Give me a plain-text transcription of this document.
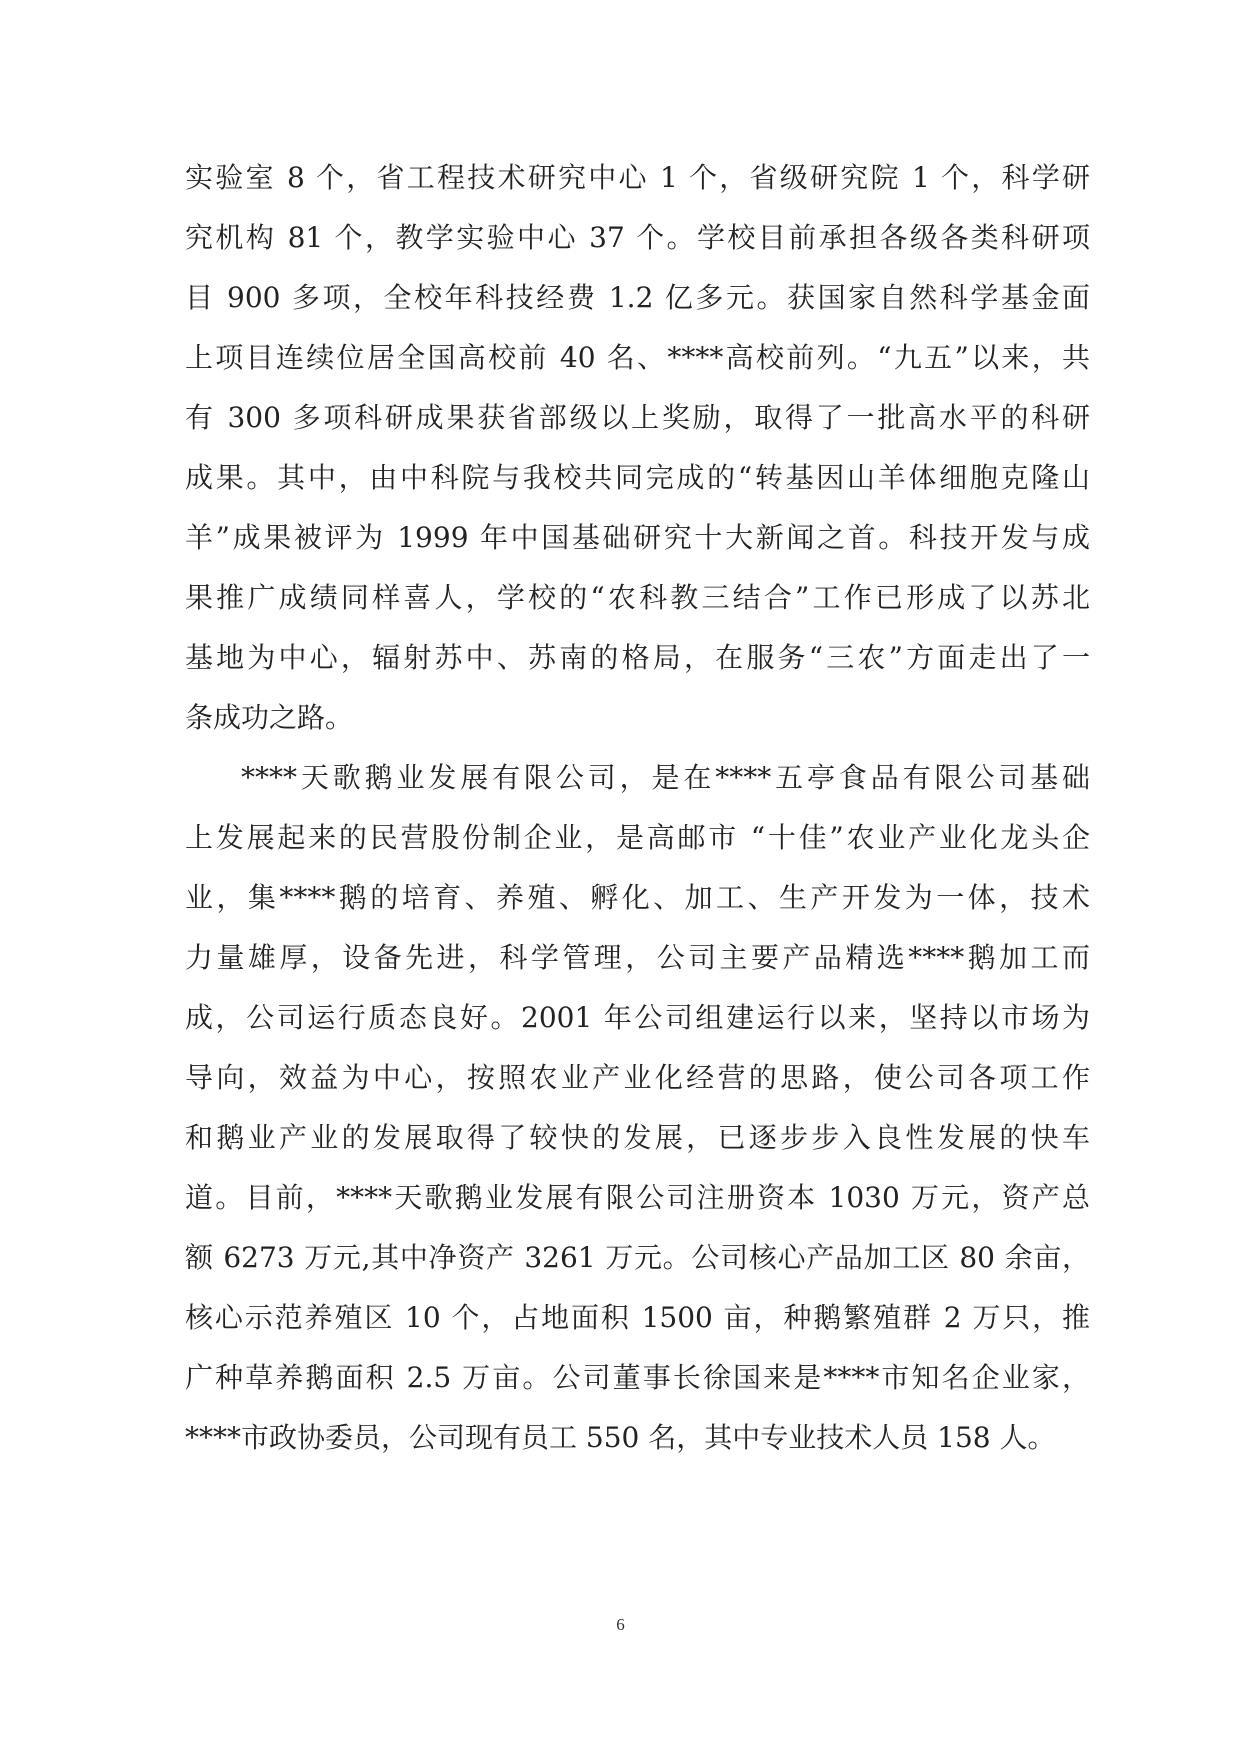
实验室 8 个，省工程技术研究中心 1 个，省级研究院 1 个，科学研
究机构 81 个，教学实验中心 37 个。学校目前承担各级各类科研项
目 900 多项，全校年科技经费 1.2 亿多元。获国家自然科学基金面
上项目连续位居全国高校前 40 名、****高校前列。“九五”以来，共
有 300 多项科研成果获省部级以上奖励，取得了一批高水平的科研
成果。其中，由中科院与我校共同完成的“转基因山羊体细胞克隆山
羊”成果被评为 1999 年中国基础研究十大新闻之首。科技开发与成
果推广成绩同样喜人，学校的“农科教三结合”工作已形成了以苏北
基地为中心，辐射苏中、苏南的格局，在服务“三农”方面走出了一
条成功之路。
****天歌鹅业发展有限公司，是在****五亭食品有限公司基础
上发展起来的民营股份制企业，是高邮市 “十佳”农业产业化龙头企
业，集****鹅的培育、养殖、孵化、加工、生产开发为一体，技术
力量雄厚，设备先进，科学管理，公司主要产品精选****鹅加工而
成，公司运行质态良好。2001 年公司组建运行以来，坚持以市场为
导向，效益为中心，按照农业产业化经营的思路，使公司各项工作
和鹅业产业的发展取得了较快的发展，已逐步步入良性发展的快车
道。目前，****天歌鹅业发展有限公司注册资本 1030 万元，资产总
额 6273 万元,其中净资产 3261 万元。公司核心产品加工区 80 余亩，
核心示范养殖区 10 个，占地面积 1500 亩，种鹅繁殖群 2 万只，推
广种草养鹅面积 2.5 万亩。公司董事长徐国来是****市知名企业家，
****市政协委员，公司现有员工 550 名，其中专业技术人员 158 人。
6
